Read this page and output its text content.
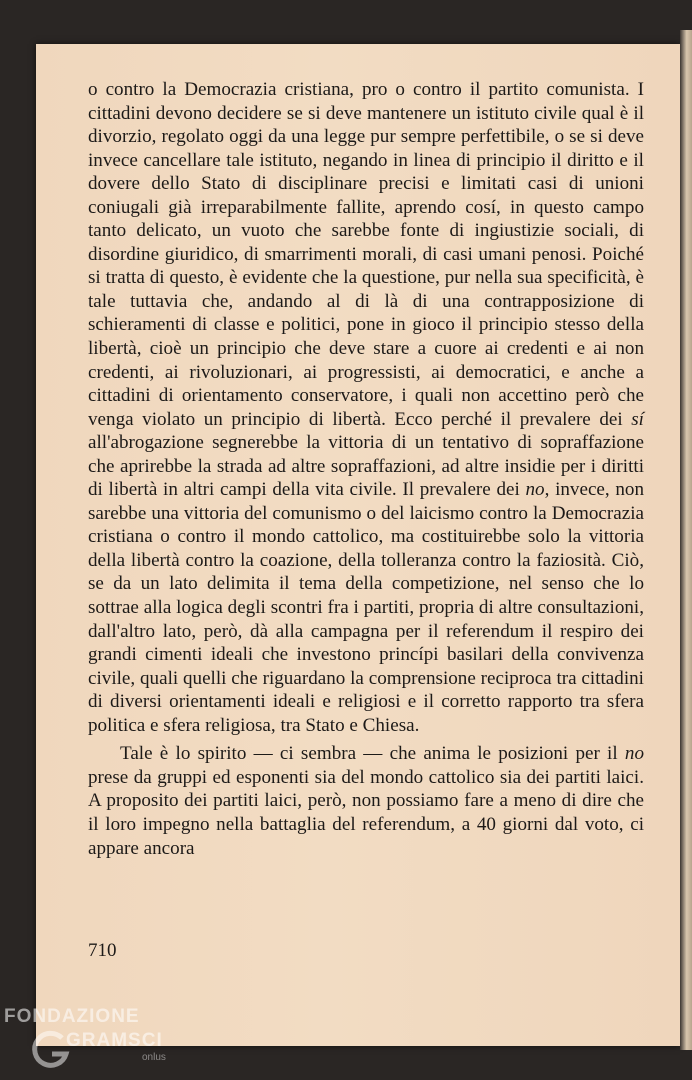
o contro la Democrazia cristiana, pro o contro il partito comunista. I cittadini devono decidere se si deve mantenere un istituto civile qual è il divorzio, regolato oggi da una legge pur sempre perfettibile, o se si deve invece cancellare tale istituto, negando in linea di principio il diritto e il dovere dello Stato di disciplinare precisi e limitati casi di unioni coniugali già irreparabilmente fallite, aprendo cosí, in questo campo tanto delicato, un vuoto che sarebbe fonte di ingiustizie sociali, di disordine giuridico, di smarrimenti morali, di casi umani penosi. Poiché si tratta di questo, è evidente che la questione, pur nella sua specificità, è tale tuttavia che, andando al di là di una contrapposizione di schieramenti di classe e politici, pone in gioco il principio stesso della libertà, cioè un principio che deve stare a cuore ai credenti e ai non credenti, ai rivoluzionari, ai progressisti, ai democratici, e anche a cittadini di orientamento conservatore, i quali non accettino però che venga violato un principio di libertà. Ecco perché il prevalere dei sí all'abrogazione segnerebbe la vittoria di un tentativo di sopraffazione che aprirebbe la strada ad altre sopraffazioni, ad altre insidie per i diritti di libertà in altri campi della vita civile. Il prevalere dei no, invece, non sarebbe una vittoria del comunismo o del laicismo contro la Democrazia cristiana o contro il mondo cattolico, ma costituirebbe solo la vittoria della libertà contro la coazione, della tolleranza contro la faziosità. Ciò, se da un lato delimita il tema della competizione, nel senso che lo sottrae alla logica degli scontri fra i partiti, propria di altre consultazioni, dall'altro lato, però, dà alla campagna per il referendum il respiro dei grandi cimenti ideali che investono princípi basilari della convivenza civile, quali quelli che riguardano la comprensione reciproca tra cittadini di diversi orientamenti ideali e religiosi e il corretto rapporto tra sfera politica e sfera religiosa, tra Stato e Chiesa.

Tale è lo spirito — ci sembra — che anima le posizioni per il no prese da gruppi ed esponenti sia del mondo cattolico sia dei partiti laici. A proposito dei partiti laici, però, non possiamo fare a meno di dire che il loro impegno nella battaglia del referendum, a 40 giorni dal voto, ci appare ancora

710
FONDAZIONE
GRAMSCI
onlus
